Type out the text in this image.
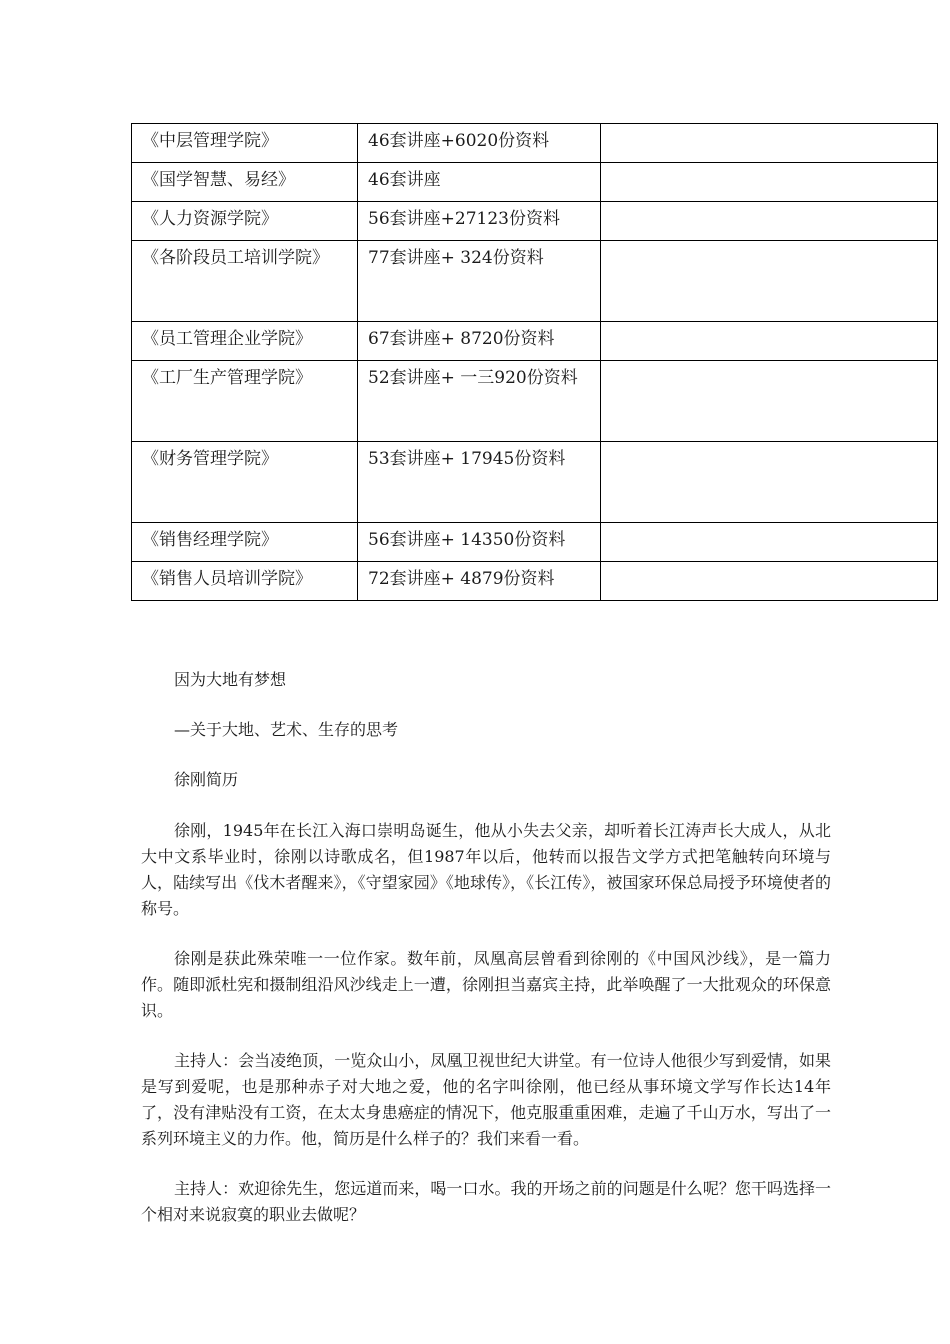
《中层管理学院》	46套讲座+6020份资料	

《国学智慧、易经》	46套讲座	

《人力资源学院》	56套讲座+27123份资料	

《各阶段员工培训学院》	77套讲座+ 324份资料	

《员工管理企业学院》	67套讲座+ 8720份资料	

《工厂生产管理学院》	52套讲座+ 一三920份资料	

《财务管理学院》	53套讲座+ 17945份资料	

《销售经理学院》	56套讲座+ 14350份资料	

《销售人员培训学院》	72套讲座+ 4879份资料	

因为大地有梦想
—关于大地、艺术、生存的思考
徐刚简历

徐刚，1945年在长江入海口崇明岛诞生，他从小失去父亲，却听着长江涛声长大成人，从北大中文系毕业时，徐刚以诗歌成名，但1987年以后，他转而以报告文学方式把笔触转向环境与人，陆续写出《伐木者醒来》，《守望家园》《地球传》，《长江传》，被国家环保总局授予环境使者的称号。

徐刚是获此殊荣唯一一位作家。数年前，凤凰高层曾看到徐刚的《中国风沙线》，是一篇力作。随即派杜宪和摄制组沿风沙线走上一遭，徐刚担当嘉宾主持，此举唤醒了一大批观众的环保意识。

主持人：会当凌绝顶，一览众山小，凤凰卫视世纪大讲堂。有一位诗人他很少写到爱情，如果是写到爱呢，也是那种赤子对大地之爱，他的名字叫徐刚，他已经从事环境文学写作长达14年了，没有津贴没有工资，在太太身患癌症的情况下，他克服重重困难，走遍了千山万水，写出了一系列环境主义的力作。他，简历是什么样子的？我们来看一看。

主持人：欢迎徐先生，您远道而来，喝一口水。我的开场之前的问题是什么呢？您干吗选择一个相对来说寂寞的职业去做呢？
